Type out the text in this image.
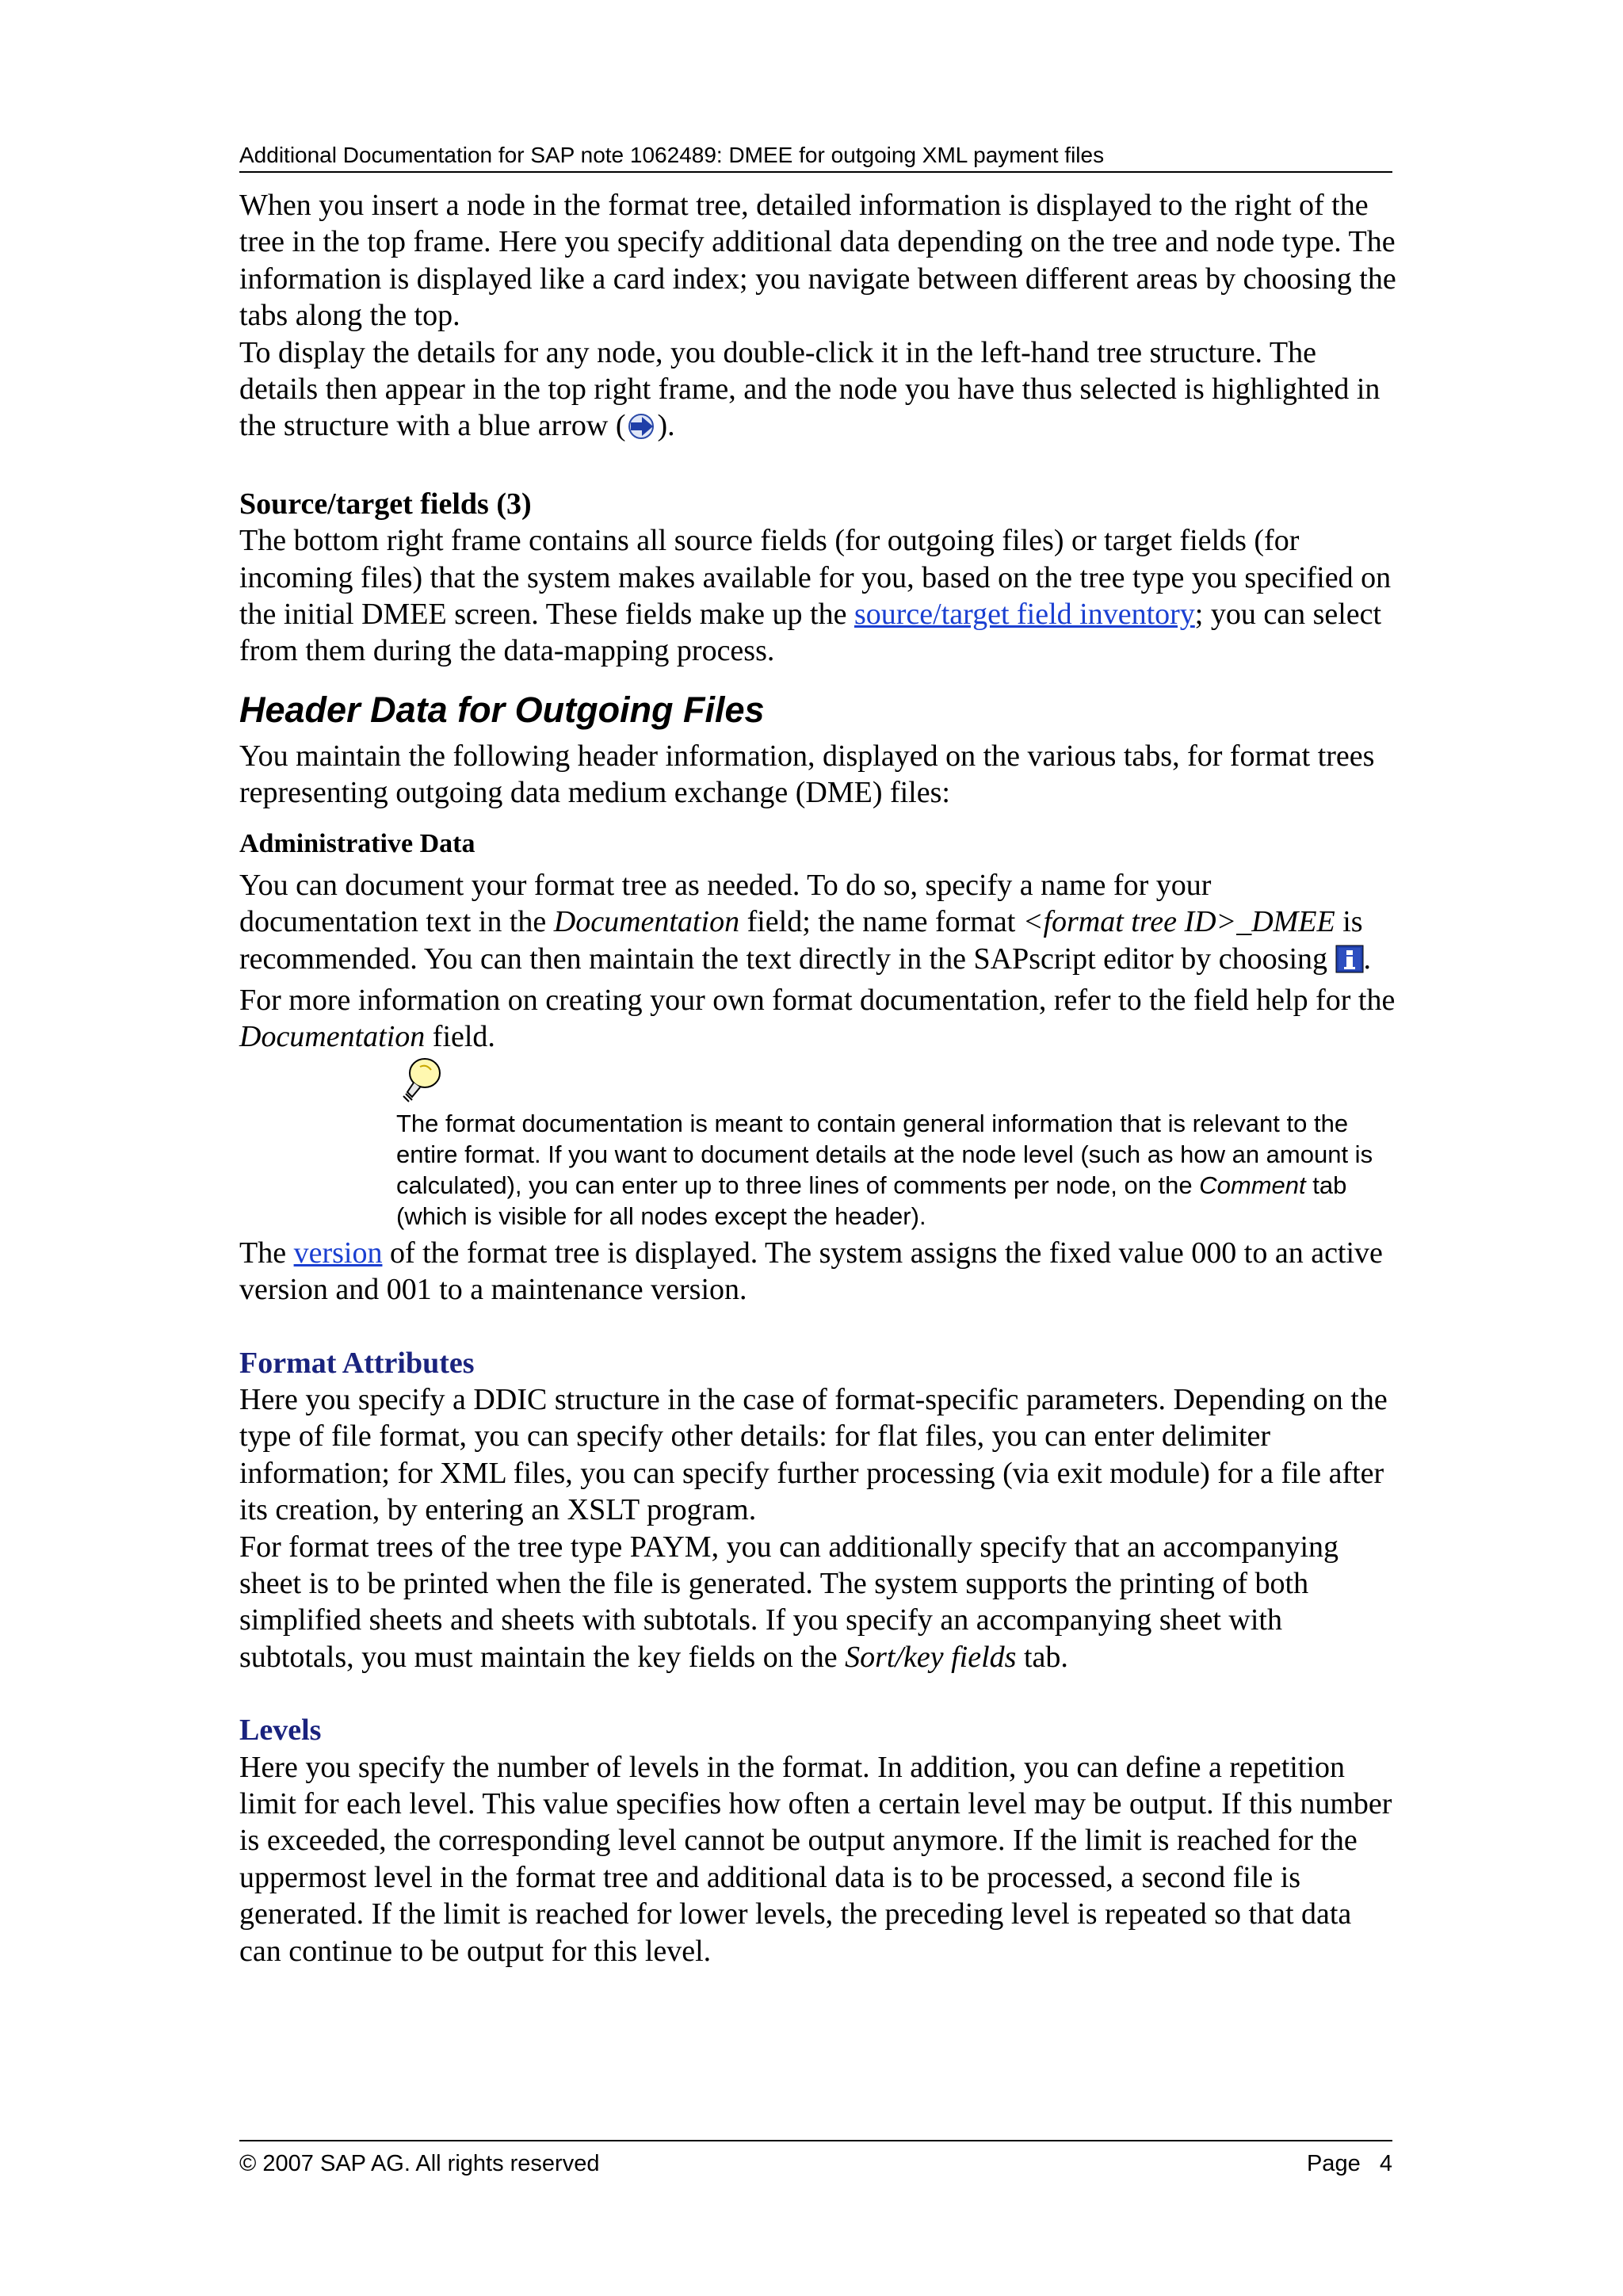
Additional Documentation for SAP note 1062489: DMEE for outgoing XML payment files

When you insert a node in the format tree, detailed information is displayed to the right of the tree in the top frame. Here you specify additional data depending on the tree and node type. The information is displayed like a card index; you navigate between different areas by choosing the tabs along the top.

To display the details for any node, you double-click it in the left-hand tree structure. The details then appear in the top right frame, and the node you have thus selected is highlighted in the structure with a blue arrow ( ).

Source/target fields (3)

The bottom right frame contains all source fields (for outgoing files) or target fields (for incoming files) that the system makes available for you, based on the tree type you specified on the initial DMEE screen. These fields make up the source/target field inventory; you can select from them during the data-mapping process.

Header Data for Outgoing Files

You maintain the following header information, displayed on the various tabs, for format trees representing outgoing data medium exchange (DME) files:

Administrative Data

You can document your format tree as needed. To do so, specify a name for your documentation text in the Documentation field; the name format <format tree ID>_DMEE is recommended. You can then maintain the text directly in the SAPscript editor by choosing . For more information on creating your own format documentation, refer to the field help for the Documentation field.

The format documentation is meant to contain general information that is relevant to the entire format. If you want to document details at the node level (such as how an amount is calculated), you can enter up to three lines of comments per node, on the Comment tab (which is visible for all nodes except the header).

The version of the format tree is displayed. The system assigns the fixed value 000 to an active version and 001 to a maintenance version.

Format Attributes

Here you specify a DDIC structure in the case of format-specific parameters. Depending on the type of file format, you can specify other details: for flat files, you can enter delimiter information; for XML files, you can specify further processing (via exit module) for a file after its creation, by entering an XSLT program.

For format trees of the tree type PAYM, you can additionally specify that an accompanying sheet is to be printed when the file is generated. The system supports the printing of both simplified sheets and sheets with subtotals. If you specify an accompanying sheet with subtotals, you must maintain the key fields on the Sort/key fields tab.

Levels

Here you specify the number of levels in the format. In addition, you can define a repetition limit for each level. This value specifies how often a certain level may be output. If this number is exceeded, the corresponding level cannot be output anymore. If the limit is reached for the uppermost level in the format tree and additional data is to be processed, a second file is generated. If the limit is reached for lower levels, the preceding level is repeated so that data can continue to be output for this level.

© 2007 SAP AG. All rights reserved	Page   4
